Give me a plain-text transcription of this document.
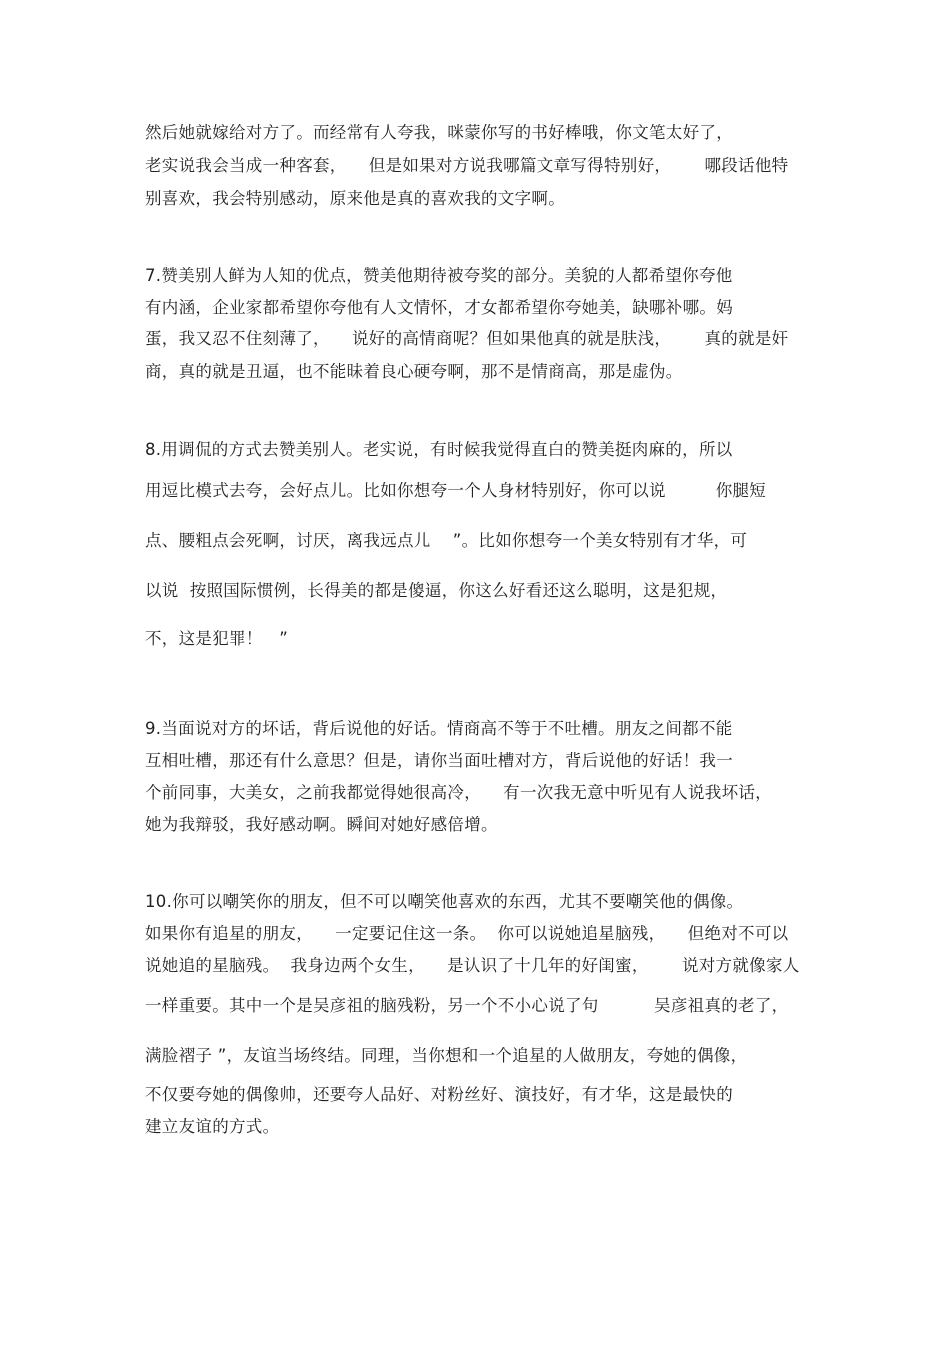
然后她就嫁给对方了。而经常有人夸我，咪蒙你写的书好棒哦，你文笔太好了，
老实说我会当成一种客套，    但是如果对方说我哪篇文章写得特别好，      哪段话他特
别喜欢，我会特别感动，原来他是真的喜欢我的文字啊。
7.赞美别人鲜为人知的优点，赞美他期待被夸奖的部分。美貌的人都希望你夸他
有内涵，企业家都希望你夸他有人文情怀，才女都希望你夸她美，缺哪补哪。妈
蛋，我又忍不住刻薄了，    说好的高情商呢？但如果他真的就是肤浅，      真的就是奸
商，真的就是丑逼，也不能昧着良心硬夸啊，那不是情商高，那是虚伪。
8.用调侃的方式去赞美别人。老实说，有时候我觉得直白的赞美挺肉麻的，所以
用逗比模式去夸，会好点儿。比如你想夸一个人身材特别好，你可以说         你腿短
点、腰粗点会死啊，讨厌，离我远点儿    ”。比如你想夸一个美女特别有才华，可
以说  按照国际惯例，长得美的都是傻逼，你这么好看还这么聪明，这是犯规，
不，这是犯罪！   ”
9.当面说对方的坏话，背后说他的好话。情商高不等于不吐槽。朋友之间都不能
互相吐槽，那还有什么意思？但是，请你当面吐槽对方，背后说他的好话！我一
个前同事，大美女，之前我都觉得她很高冷，    有一次我无意中听见有人说我坏话，
她为我辩驳，我好感动啊。瞬间对她好感倍增。
10.你可以嘲笑你的朋友，但不可以嘲笑他喜欢的东西，尤其不要嘲笑他的偶像。
如果你有追星的朋友，    一定要记住这一条。  你可以说她追星脑残，    但绝对不可以
说她追的星脑残。  我身边两个女生，    是认识了十几年的好闺蜜，      说对方就像家人
一样重要。其中一个是吴彦祖的脑残粉，另一个不小心说了句          吴彦祖真的老了，
满脸褶子 ”，友谊当场终结。同理，当你想和一个追星的人做朋友，夸她的偶像，
不仅要夸她的偶像帅，还要夸人品好、对粉丝好、演技好，有才华，这是最快的
建立友谊的方式。
